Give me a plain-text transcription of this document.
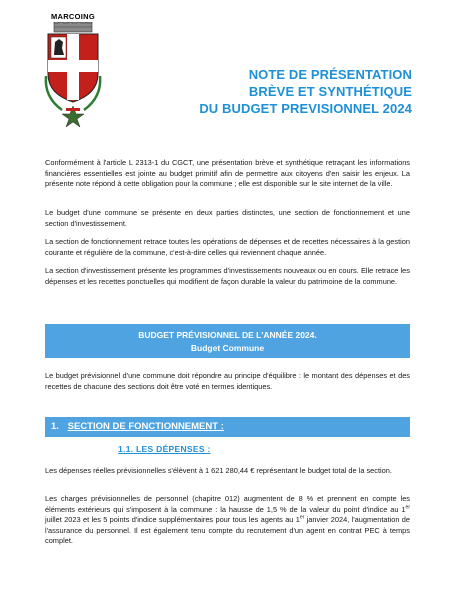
MARCOING
NOTE DE PRÉSENTATION
BRÈVE ET SYNTHÉTIQUE
DU BUDGET PREVISIONNEL 2024
Conformément à l'article L 2313-1 du CGCT, une présentation brève et synthétique retraçant les informations financières essentielles est jointe au budget primitif afin de permettre aux citoyens d'en saisir les enjeux. La présente note répond à cette obligation pour la commune ; elle est disponible sur le site internet de la ville.
Le budget d'une commune se présente en deux parties distinctes, une section de fonctionnement et une section d'investissement.
La section de fonctionnement retrace toutes les opérations de dépenses et de recettes nécessaires à la gestion courante et régulière de la commune, c'est-à-dire celles qui reviennent chaque année.
La section d'investissement présente les programmes d'investissements nouveaux ou en cours. Elle retrace les dépenses et les recettes ponctuelles qui modifient de façon durable la valeur du patrimoine de la commune.
BUDGET PRÉVISIONNEL DE L'ANNÉE 2024.
Budget Commune
Le budget prévisionnel d'une commune doit répondre au principe d'équilibre : le montant des dépenses et des recettes de chacune des sections doit être voté en termes identiques.
1. SECTION DE FONCTIONNEMENT :
1.1. LES DÉPENSES :
Les dépenses réelles prévisionnelles s'élèvent à 1 621 280,44 € représentant le budget total de la section.
Les charges prévisionnelles de personnel (chapitre 012) augmentent de 8 % et prennent en compte les éléments extérieurs qui s'imposent à la commune : la hausse de 1,5 % de la valeur du point d'indice au 1er juillet 2023 et les 5 points d'indice supplémentaires pour tous les agents au 1er janvier 2024, l'augmentation de l'assurance du personnel. Il est également tenu compte du recrutement d'un agent en contrat PEC à temps complet.
